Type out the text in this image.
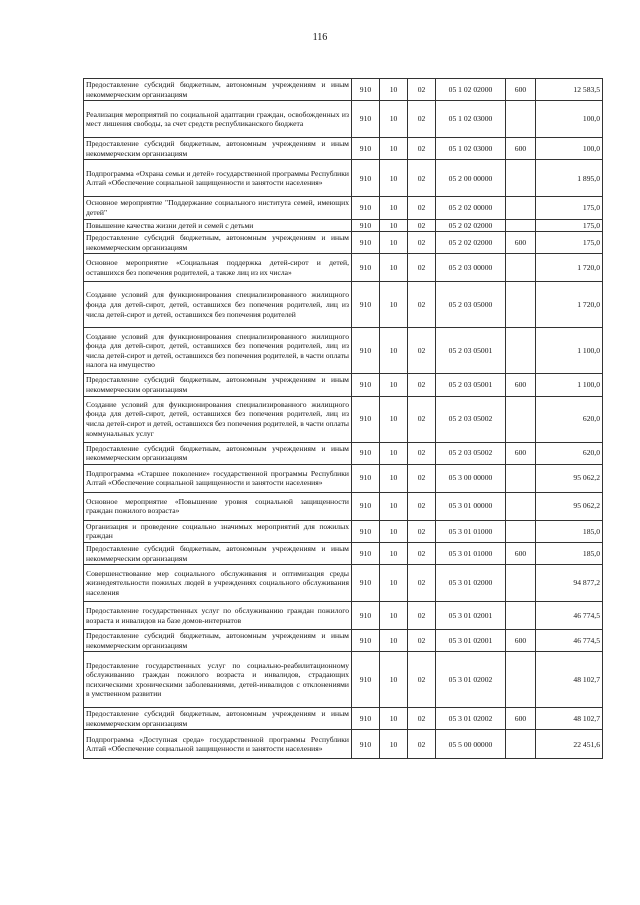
116
Предоставление субсидий бюджетным, автономным учреждениям и иным некоммерческим организациям	910	10	02	05 1 02 02000	600	12 583,5
Реализация мероприятий по социальной адаптации граждан, освобожденных из мест лишения свободы, за счет средств республиканского бюджета	910	10	02	05 1 02 03000		100,0
Предоставление субсидий бюджетным, автономным учреждениям и иным некоммерческим организациям	910	10	02	05 1 02 03000	600	100,0
Подпрограмма «Охрана семьи и детей» государственной программы Республики Алтай «Обеспечение социальной защищенности и занятости населения»	910	10	02	05 2 00 00000		1 895,0
Основное мероприятие "Поддержание социального института семей, имеющих детей"	910	10	02	05 2 02 00000		175,0
Повышение качества жизни детей и семей с детьми	910	10	02	05 2 02 02000		175,0
Предоставление субсидий бюджетным, автономным учреждениям и иным некоммерческим организациям	910	10	02	05 2 02 02000	600	175,0
Основное мероприятие «Социальная поддержка детей-сирот и детей, оставшихся без попечения родителей, а также лиц из их числа»	910	10	02	05 2 03 00000		1 720,0
Создание условий для функционирования специализированного жилищного фонда для детей-сирот, детей, оставшихся без попечения родителей, лиц из числа детей-сирот и детей, оставшихся без попечения родителей	910	10	02	05 2 03 05000		1 720,0
Создание условий для функционирования специализированного жилищного фонда для детей-сирот, детей, оставшихся без попечения родителей, лиц из числа детей-сирот и детей, оставшихся без попечения родителей, в части оплаты налога на имущество	910	10	02	05 2 03 05001		1 100,0
Предоставление субсидий бюджетным, автономным учреждениям и иным некоммерческим организациям	910	10	02	05 2 03 05001	600	1 100,0
Создание условий для функционирования специализированного жилищного фонда для детей-сирот, детей, оставшихся без попечения родителей, лиц из числа детей-сирот и детей, оставшихся без попечения родителей, в части оплаты коммунальных услуг	910	10	02	05 2 03 05002		620,0
Предоставление субсидий бюджетным, автономным учреждениям и иным некоммерческим организациям	910	10	02	05 2 03 05002	600	620,0
Подпрограмма «Старшее поколение» государственной программы Республики Алтай «Обеспечение социальной защищенности и занятости населения»	910	10	02	05 3 00 00000		95 062,2
Основное мероприятие «Повышение уровня социальной защищенности граждан пожилого возраста»	910	10	02	05 3 01 00000		95 062,2
Организация и проведение социально значимых мероприятий для пожилых граждан	910	10	02	05 3 01 01000		185,0
Предоставление субсидий бюджетным, автономным учреждениям и иным некоммерческим организациям	910	10	02	05 3 01 01000	600	185,0
Совершенствование мер социального обслуживания и оптимизация среды жизнедеятельности пожилых людей в учреждениях социального обслуживания населения	910	10	02	05 3 01 02000		94 877,2
Предоставление государственных услуг по обслуживанию граждан пожилого возраста и инвалидов на базе домов-интернатов	910	10	02	05 3 01 02001		46 774,5
Предоставление субсидий бюджетным, автономным учреждениям и иным некоммерческим организациям	910	10	02	05 3 01 02001	600	46 774,5
Предоставление государственных услуг по социально-реабилитационному обслуживанию граждан пожилого возраста и инвалидов, страдающих психическими хроническими заболеваниями, детей-инвалидов с отклонениями в умственном развитии	910	10	02	05 3 01 02002		48 102,7
Предоставление субсидий бюджетным, автономным учреждениям и иным некоммерческим организациям	910	10	02	05 3 01 02002	600	48 102,7
Подпрограмма «Доступная среда» государственной программы Республики Алтай «Обеспечение социальной защищенности и занятости населения»	910	10	02	05 5 00 00000		22 451,6
